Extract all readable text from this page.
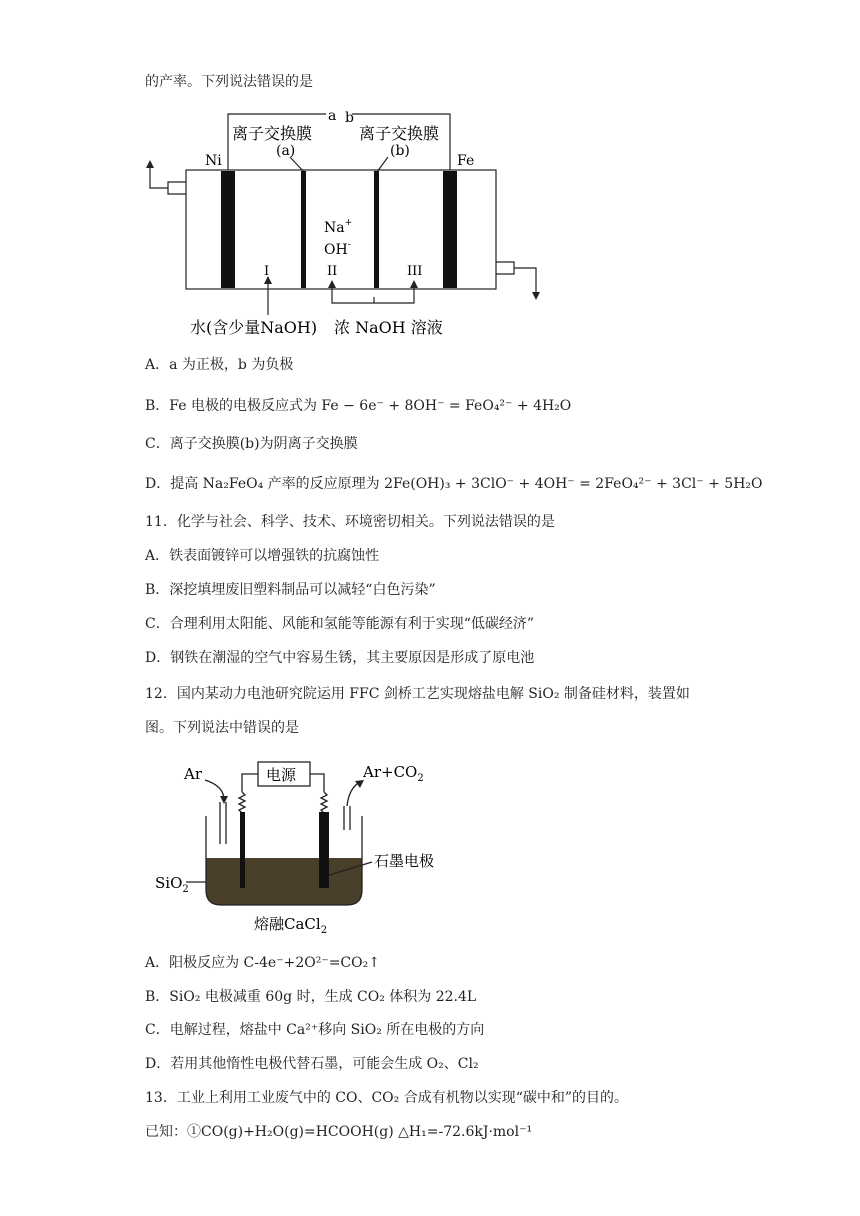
的产率。下列说法错误的是
a b
离子交换膜	离子交换膜
(a)	(b)
Ni	Fe
Na+
OH-
I	II	III
水(含少量NaOH) 浓 NaOH 溶液
A．a 为正极，b 为负极
B．Fe 电极的电极反应式为 Fe − 6e⁻ + 8OH⁻ = FeO₄²⁻ + 4H₂O
C．离子交换膜(b)为阴离子交换膜
D．提高 Na₂FeO₄ 产率的反应原理为 2Fe(OH)₃ + 3ClO⁻ + 4OH⁻ = 2FeO₄²⁻ + 3Cl⁻ + 5H₂O
11．化学与社会、科学、技术、环境密切相关。下列说法错误的是
A．铁表面镀锌可以增强铁的抗腐蚀性
B．深挖填埋废旧塑料制品可以减轻“白色污染”
C．合理利用太阳能、风能和氢能等能源有利于实现“低碳经济”
D．钢铁在潮湿的空气中容易生锈，其主要原因是形成了原电池
12．国内某动力电池研究院运用 FFC 剑桥工艺实现熔盐电解 SiO₂ 制备硅材料，装置如
图。下列说法中错误的是
Ar	电源	$Ar+CO_2$
石墨电极
SiO$_2$
熔融CaCl$_2$
A．阳极反应为 C-4e⁻+2O²⁻=CO₂↑
B．SiO₂ 电极减重 60g 时，生成 CO₂ 体积为 22.4L
C．电解过程，熔盐中 Ca²⁺移向 SiO₂ 所在电极的方向
D．若用其他惰性电极代替石墨，可能会生成 O₂、Cl₂
13．工业上利用工业废气中的 CO、CO₂ 合成有机物以实现“碳中和”的目的。
已知：①CO(g)+H₂O(g)=HCOOH(g) △H₁=-72.6kJ·mol⁻¹
